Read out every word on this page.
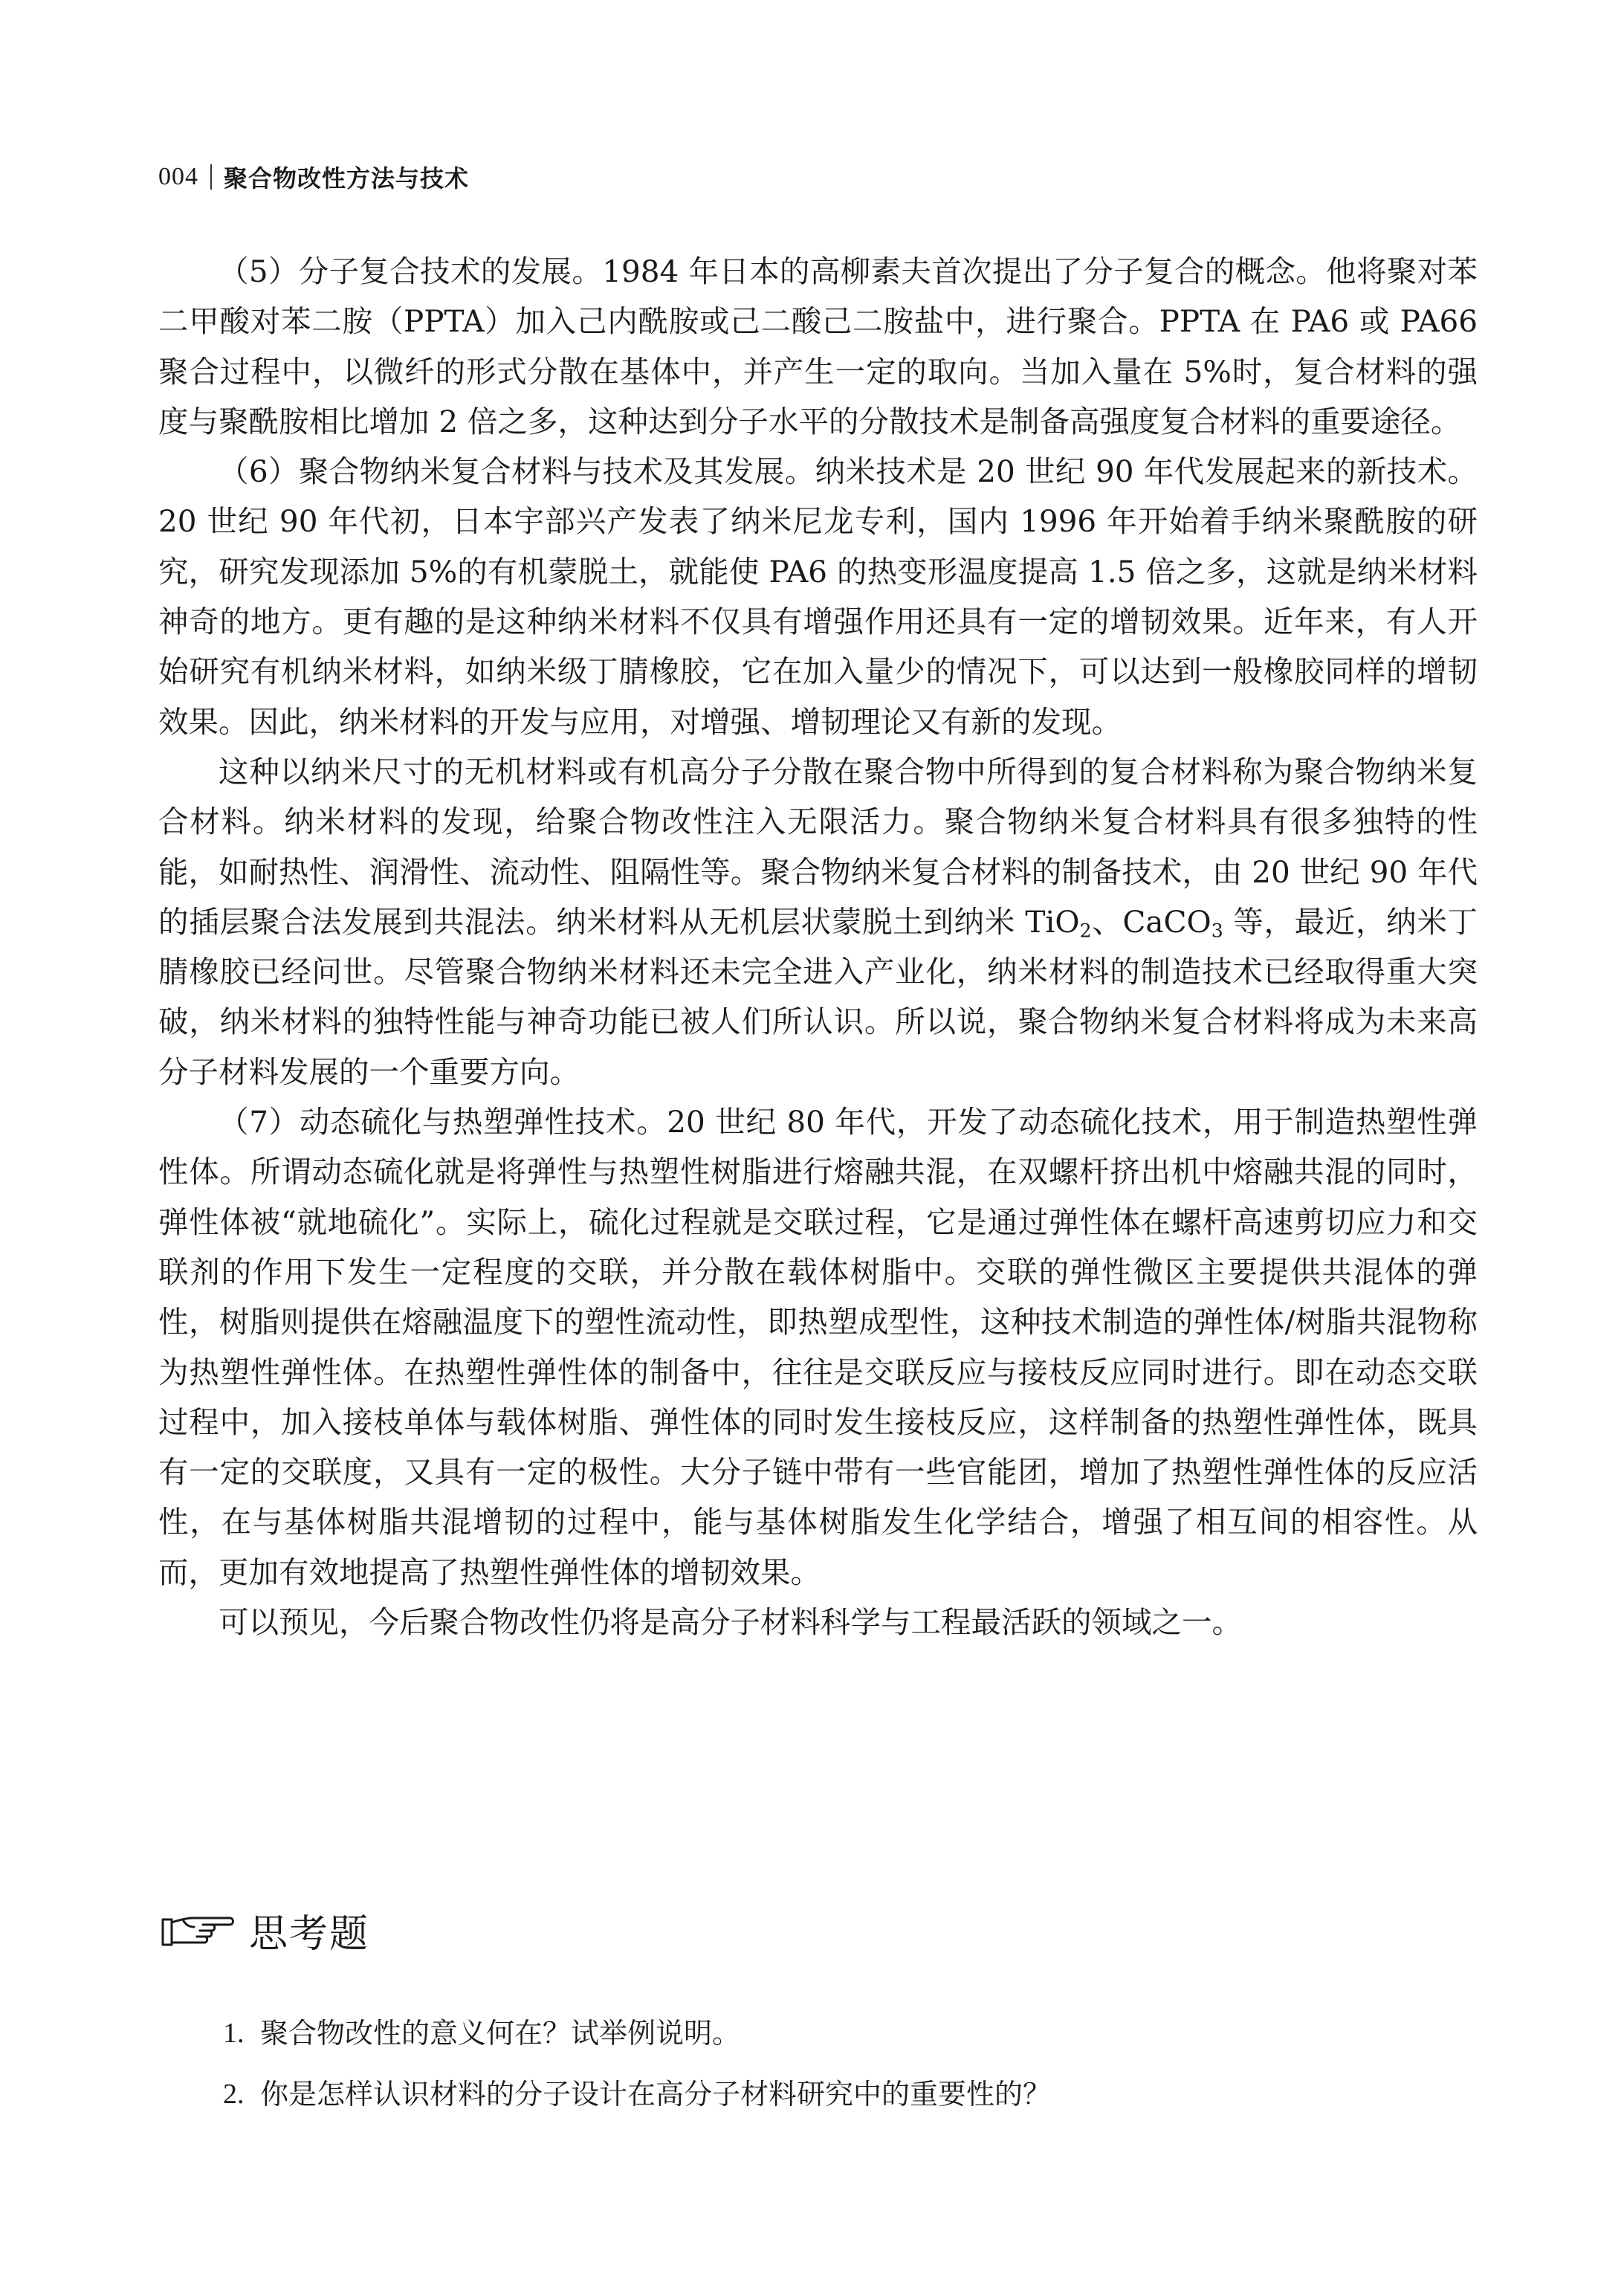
004 聚合物改性方法与技术

（5）分子复合技术的发展。1984 年日本的高柳素夫首次提出了分子复合的概念。他将聚对苯二甲酸对苯二胺（PPTA）加入己内酰胺或己二酸己二胺盐中，进行聚合。PPTA 在 PA6 或 PA66 聚合过程中，以微纤的形式分散在基体中，并产生一定的取向。当加入量在 5%时，复合材料的强度与聚酰胺相比增加 2 倍之多，这种达到分子水平的分散技术是制备高强度复合材料的重要途径。

（6）聚合物纳米复合材料与技术及其发展。纳米技术是 20 世纪 90 年代发展起来的新技术。20 世纪 90 年代初，日本宇部兴产发表了纳米尼龙专利，国内 1996 年开始着手纳米聚酰胺的研究，研究发现添加 5%的有机蒙脱土，就能使 PA6 的热变形温度提高 1.5 倍之多，这就是纳米材料神奇的地方。更有趣的是这种纳米材料不仅具有增强作用还具有一定的增韧效果。近年来，有人开始研究有机纳米材料，如纳米级丁腈橡胶，它在加入量少的情况下，可以达到一般橡胶同样的增韧效果。因此，纳米材料的开发与应用，对增强、增韧理论又有新的发现。

这种以纳米尺寸的无机材料或有机高分子分散在聚合物中所得到的复合材料称为聚合物纳米复合材料。纳米材料的发现，给聚合物改性注入无限活力。聚合物纳米复合材料具有很多独特的性能，如耐热性、润滑性、流动性、阻隔性等。聚合物纳米复合材料的制备技术，由 20 世纪 90 年代的插层聚合法发展到共混法。纳米材料从无机层状蒙脱土到纳米 TiO$_2$、CaCO$_3$ 等，最近，纳米丁腈橡胶已经问世。尽管聚合物纳米材料还未完全进入产业化，纳米材料的制造技术已经取得重大突破，纳米材料的独特性能与神奇功能已被人们所认识。所以说，聚合物纳米复合材料将成为未来高分子材料发展的一个重要方向。

（7）动态硫化与热塑弹性技术。20 世纪 80 年代，开发了动态硫化技术，用于制造热塑性弹性体。所谓动态硫化就是将弹性与热塑性树脂进行熔融共混，在双螺杆挤出机中熔融共混的同时，弹性体被“就地硫化”。实际上，硫化过程就是交联过程，它是通过弹性体在螺杆高速剪切应力和交联剂的作用下发生一定程度的交联，并分散在载体树脂中。交联的弹性微区主要提供共混体的弹性，树脂则提供在熔融温度下的塑性流动性，即热塑成型性，这种技术制造的弹性体/树脂共混物称为热塑性弹性体。在热塑性弹性体的制备中，往往是交联反应与接枝反应同时进行。即在动态交联过程中，加入接枝单体与载体树脂、弹性体的同时发生接枝反应，这样制备的热塑性弹性体，既具有一定的交联度，又具有一定的极性。大分子链中带有一些官能团，增加了热塑性弹性体的反应活性，在与基体树脂共混增韧的过程中，能与基体树脂发生化学结合，增强了相互间的相容性。从而，更加有效地提高了热塑性弹性体的增韧效果。

可以预见，今后聚合物改性仍将是高分子材料科学与工程最活跃的领域之一。

思考题
1. 聚合物改性的意义何在？试举例说明。
2. 你是怎样认识材料的分子设计在高分子材料研究中的重要性的？
